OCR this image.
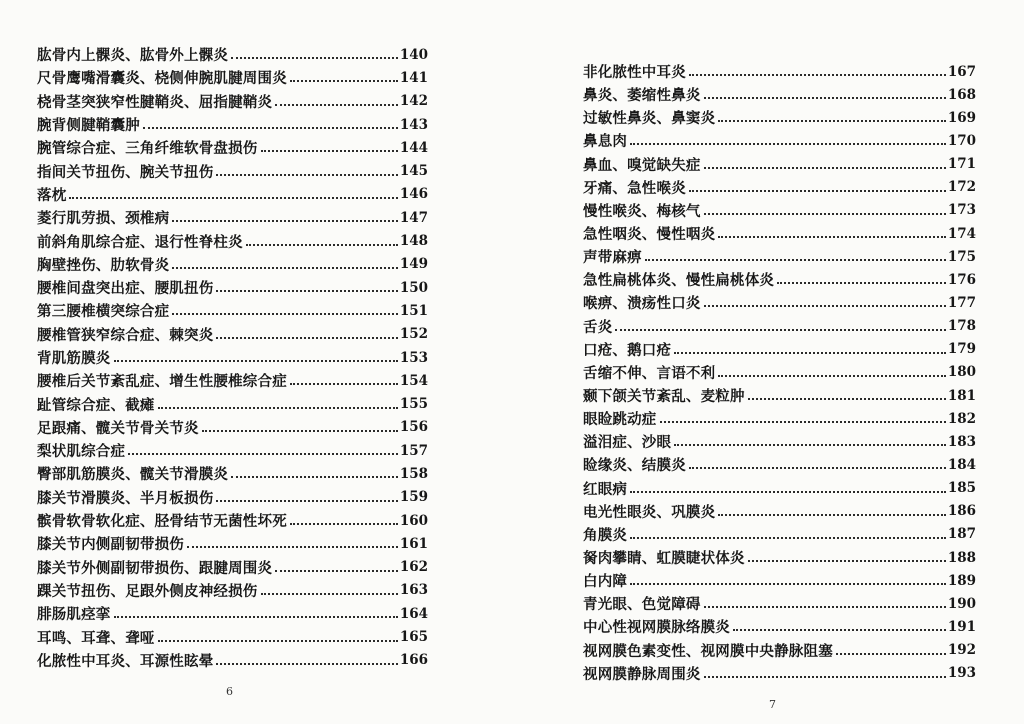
肱骨内上髁炎、肱骨外上髁炎	140
尺骨鹰嘴滑囊炎、桡侧伸腕肌腱周围炎	141
桡骨茎突狭窄性腱鞘炎、屈指腱鞘炎	142
腕背侧腱鞘囊肿	143
腕管综合症、三角纤维软骨盘损伤	144
指间关节扭伤、腕关节扭伤	145
落枕	146
菱行肌劳损、颈椎病	147
前斜角肌综合症、退行性脊柱炎	148
胸壁挫伤、肋软骨炎	149
腰椎间盘突出症、腰肌扭伤	150
第三腰椎横突综合症	151
腰椎管狭窄综合症、棘突炎	152
背肌筋膜炎	153
腰椎后关节紊乱症、增生性腰椎综合症	154
趾管综合症、截瘫	155
足跟痛、髋关节骨关节炎	156
梨状肌综合症	157
臀部肌筋膜炎、髋关节滑膜炎	158
膝关节滑膜炎、半月板损伤	159
髌骨软骨软化症、胫骨结节无菌性坏死	160
膝关节内侧副韧带损伤	161
膝关节外侧副韧带损伤、跟腱周围炎	162
踝关节扭伤、足跟外侧皮神经损伤	163
腓肠肌痉挛	164
耳鸣、耳聋、聋哑	165
化脓性中耳炎、耳源性眩晕	166
6
非化脓性中耳炎	167
鼻炎、萎缩性鼻炎	168
过敏性鼻炎、鼻窦炎	169
鼻息肉	170
鼻血、嗅觉缺失症	171
牙痛、急性喉炎	172
慢性喉炎、梅核气	173
急性咽炎、慢性咽炎	174
声带麻痹	175
急性扁桃体炎、慢性扁桃体炎	176
喉痹、溃疡性口炎	177
舌炎	178
口疮、鹅口疮	179
舌缩不伸、言语不利	180
颞下颌关节紊乱、麦粒肿	181
眼睑跳动症	182
溢泪症、沙眼	183
睑缘炎、结膜炎	184
红眼病	185
电光性眼炎、巩膜炎	186
角膜炎	187
胬肉攀睛、虹膜睫状体炎	188
白内障	189
青光眼、色觉障碍	190
中心性视网膜脉络膜炎	191
视网膜色素变性、视网膜中央静脉阻塞	192
视网膜静脉周围炎	193
7
